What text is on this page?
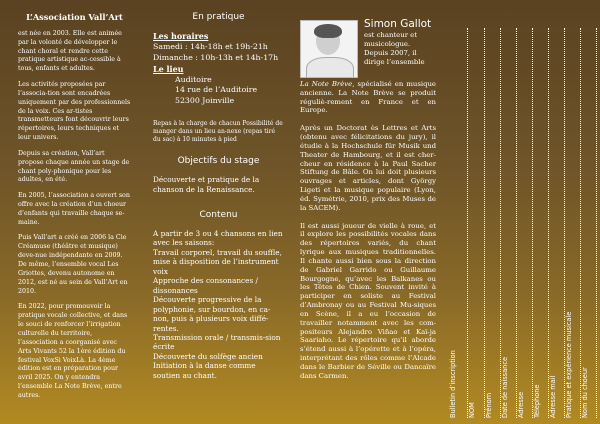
L’Association Vall’Art

est née en 2003. Elle est animée par la volonté de développer le chant choral et rendre cette pratique artistique ac-cessible à tous, enfants et adultes.

Les activités proposées par l’associa-tion sont encadrées uniquement par des professionnels de la voix. Ces ar-tistes transmetteurs font découvrir leurs répertoires, leurs techniques et leur univers.

Depuis sa création, Vall’art propose chaque année un stage de chant poly-phonique pour les adultes, en été.

En 2005, l’association a ouvert son offre avec la création d’un choeur d’enfants qui travaille chaque se-maine.

Puis Vall’art a créé en 2006 la Cie Créamuse (théâtre et musique) deve-nue indépendante en 2009. De même, l’ensemble vocal Les Griottes, devenu autonome en 2012, est né au sein de Vall’Art en 2010.

En 2022, pour promouvoir la pratique vocale collective, et dans le souci de renforcer l’irrigation culturelle du territoire, l’association a coorganisé avec Arts Vivants 52 la 1ère édition du festival VoxSi VoixLà. La 4ème édition est en préparation pour avril 2025. On y entendra l’ensemble La Note Brève, entre autres.

En pratique
Les horaires
Samedi : 14h-18h et 19h-21h
Dimanche : 10h-13h et 14h-17h
Le lieu
Auditoire
14 rue de l’Auditoire
52300 Joinville
Repas à la charge de chacun Possibilité de manger dans un lieu an-nexe (repas tiré du sac) à 10 minutes à pied
Objectifs du stage
Découverte et pratique de la chanson de la Renaissance.
Contenu
A partir de 3 ou 4 chansons en lien avec les saisons:
Travail corporel, travail du souffle, mise à disposition de l’instrument voix
Approche des consonances / dissonances
Découverte progressive de la polyphonie, sur bourdon, en ca-non, puis à plusieurs voix diffé-rentes.
Transmission orale / transmis-sion écrite
Découverte du solfège ancien Initiation à la danse comme soutien au chant.
Simon Gallot
est chanteur et
musicologue.
Depuis 2007, il
dirige l’ensemble
La Note Brève, spécialisé en musique ancienne. La Note Brève se produit réguliè-rement en France et en Europe.

Après un Doctorat ès Lettres et Arts (obtenu avec félicitations du jury), il étudie à la Hochschule für Musik und Theater de Hambourg, et il est cher-cheur en résidence à la Paul Sacher Stiftung de Bâle. On lui doit plusieurs ouvrages et articles, dont György Ligeti et la musique populaire (Lyon, éd. Symétrie, 2010, prix des Muses de la SACEM).

Il est aussi joueur de vielle à roue, et il explore les possibilités vocales dans des répertoires variés, du chant lyrique aux musiques traditionnelles. Il chante aussi bien sous la direction de Gabriel Garrido ou Guillaume Bourgogne, qu’avec les Balkanes ou les Têtes de Chien. Souvent invité à participer en soliste au Festival d’Ambronay ou au Festival Mu-siques en Scène, il a eu l’occasion de travailler notamment avec les com-positeurs Alejandro Viñao et Kaï-ja Saariaho. Le répertoire qu’il aborde s’étend aussi à l’opérette et à l’opéra, interprétant des rôles comme l’Alcade dans le Barbier de Séville ou Dancaïre dans Carmen.	Bulletin d’inscription NOM Prénom Date de naissance Adresse Téléphone Adresse mail Pratique et expérience musicale Nom du choeur
